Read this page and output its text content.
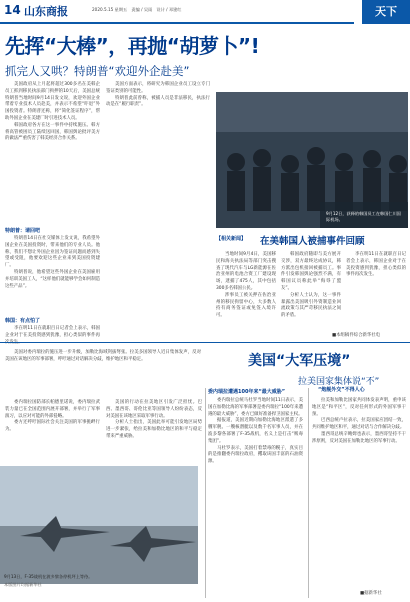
14 山东商报	2020.5.15 星期五　责编 / 吴雨　设计 / 邓建红	天下
先挥“大棒”，再抛“胡萝卜”!
抓完人又哄？特朗普“欢迎外企赴美”

美国政府从上月起将超过300多名在美韩企员工抓到移民执法部门拘押的10天后，美国总统特朗普当地时间9月14日发文说，欢迎外国企业带着专业技术人员赴美，并表示不希望“吓退”外国投资者。特朗普还称，将“简化签证程序”，帮助外国企业在美建厂时引进技术人员。

韩国政府各方在这一事件中持续施压。韩方将高管被困员工陆续送回国，韩国舆论批评美方的做法严重伤害了韩美经济合作关系。

特朗普：请回吧

特朗普14日在社交媒体上发文说，我希望外国企业在美国投资时，带来他们的专业人员。他称，我们不想让外国企业因为签证问题而感到失望或受阻，他要欢迎这些企业来到美国投资建厂。

特朗普说，他希望这些外国企业在美国雇用并培训美国工人，“这样他们就能够学会如何制造这些产品”。

韩国：有点怕了

李在明11日在就职百日记者会上表示，韩国企业对于在美投资感到犹豫，担心类似的事件再

美国方面表示，将研究为韩国企业员工设立专门签证类别的可能性。

特朗普此前曾称，被捕人员是非法移民，执法行动是在“履行职责”。

9月12日，获释的韩国员工在韩国仁川国际机场。
【相关新闻】 在美韩国人被捕事件回顾

当地时间9月4日，美国移民和海关执法局等部门突击搜查了现代汽车与LG新能源在佐治亚州的电池合资工厂建设现场，逮捕了475人，其中包括300多名韩国公民。

涉事员工被关押在佐治亚州的移民拘留中心，大多数人持有商务签证或免签入境许可。

韩国政府随即与美方展开交涉，双方最终达成协议，韩方派出包机接回被捕员工。事件引发韩国舆论强烈不满，有韩国议员称此举“侮辱了盟友”。

分析人士认为，这一事件暴露出美国吸引外资制造业回流政策与其严苛移民执法之间的矛盾。

李在明11日在就职百日记者会上表示，韩国企业对于在美投资感到犹豫，担心类似的事件再次发生。

■本组稿件综合新华社电
美国“大军压境”
拉美国家集体说“不”

美国对委内瑞拉的施压进一步升级，加勒比海域剑拔弩张。拉美多国领导人近日集体发声，反对美国在该地区的军事部署，呼吁通过对话解决分歧，维护地区和平稳定。

委内瑞拉遭遇100年来“最大威胁”

委内瑞拉国防部长帕德里诺说，委内瑞拉武装力量已在全国范围内展开部署，并举行了军事演习，以应对可能的外部侵略。

委方还呼吁国际社会关注美国的军事挑衅行为。

美国的行动在拉美地区引发广泛担忧。巴西、墨西哥、哥伦比亚等国领导人纷纷表态，反对美国在该地区采取军事行动。

分析人士指出，美国此举可能引发地区局势进一步紧张，给拉美和加勒比地区的和平与稳定带来严重威胁。

委内瑞拉总统马杜罗当地时间11日表示，美国在加勒比海的军事部署是委内瑞拉“100年来遭遇的最大威胁”，委方已做好准备捍卫国家主权。

据报道，美国近期向加勒比海地区派遣了多艘军舰、一艘核潜艇以及数千名军事人员，并在波多黎各部署了F-35战机，名义上是打击“贩毒集团”。

马杜罗表示，美国打着禁毒的幌子，真实目的是推翻委内瑞拉政府，攫取该国丰富的石油资源。

“炮舰外交”不得人心

拉美和加勒比国家共同体发表声明，重申该地区是“和平区”，反对任何形式的外国军事干预。

巴西总统卢拉表示，拉美国家应团结一致，共同维护地区和平，通过对话与合作解决分歧。

墨西哥总统辛鲍姆也表示，墨西哥坚持不干涉原则，反对美国在加勒比地区的军事行动。

■据新华社
9月13日，F-35战机在波多黎各停机坪上等待。
本版图片均据新华社
